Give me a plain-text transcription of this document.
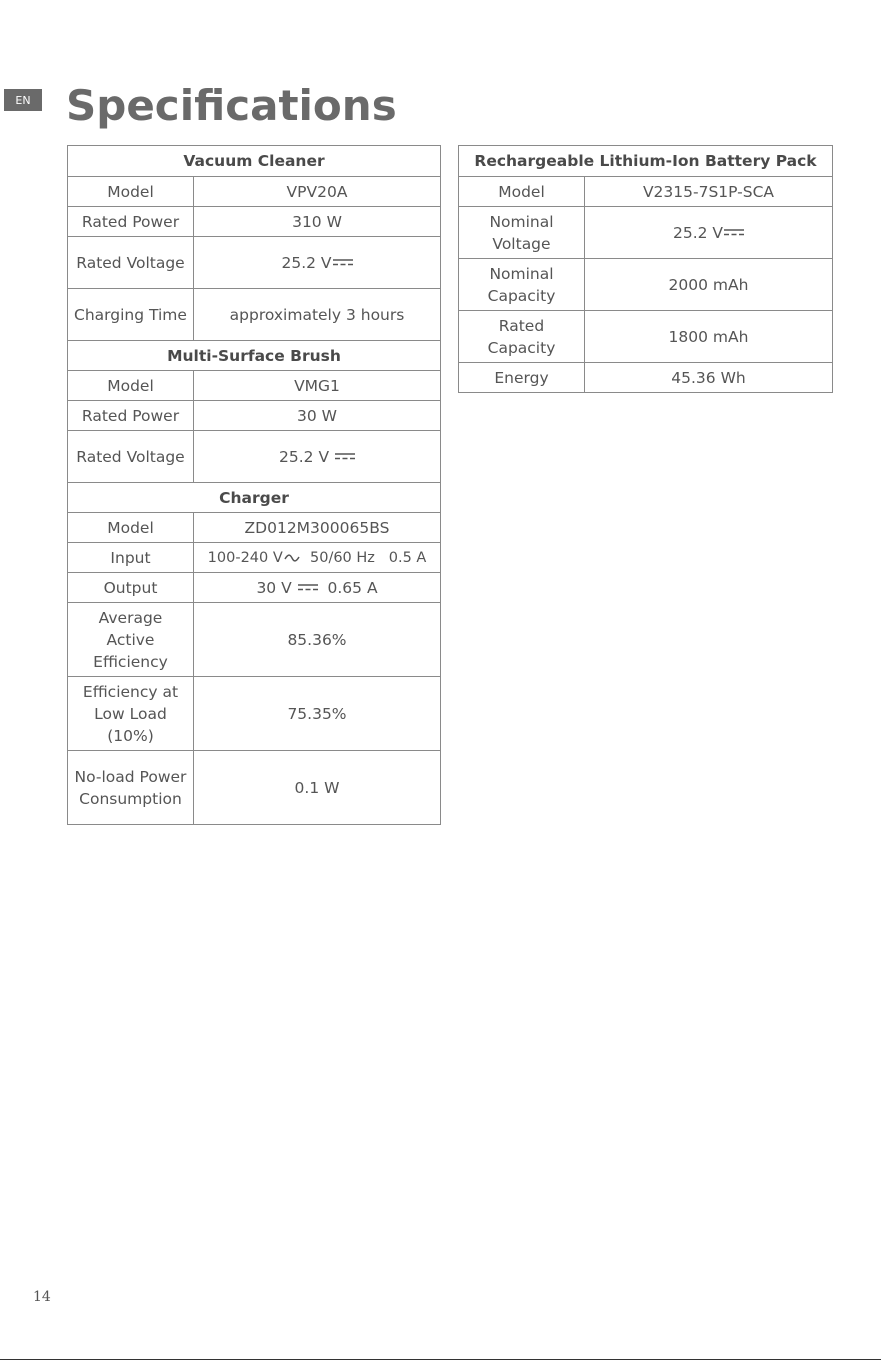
EN Specifications
Vacuum Cleaner	
Model	VPV20A
Rated Power	310 W
Rated Voltage	25.2 V
Charging Time	approximately 3 hours
Multi-Surface Brush	
Model	VMG1
Rated Power	30 W
Rated Voltage	25.2 V
Charger	
Model	ZD012M300065BS
Input	100-240 V 50/60 Hz   0.5 A
Output	30 V 0.65 A
Average Active Efficiency	85.36%
Efficiency at Low Load (10%)	75.35%
No-load Power Consumption	0.1 W
Rechargeable Lithium-Ion Battery Pack	
Model	V2315-7S1P-SCA
Nominal Voltage	25.2 V
Nominal Capacity	2000 mAh
Rated Capacity	1800 mAh
Energy	45.36 Wh
14
